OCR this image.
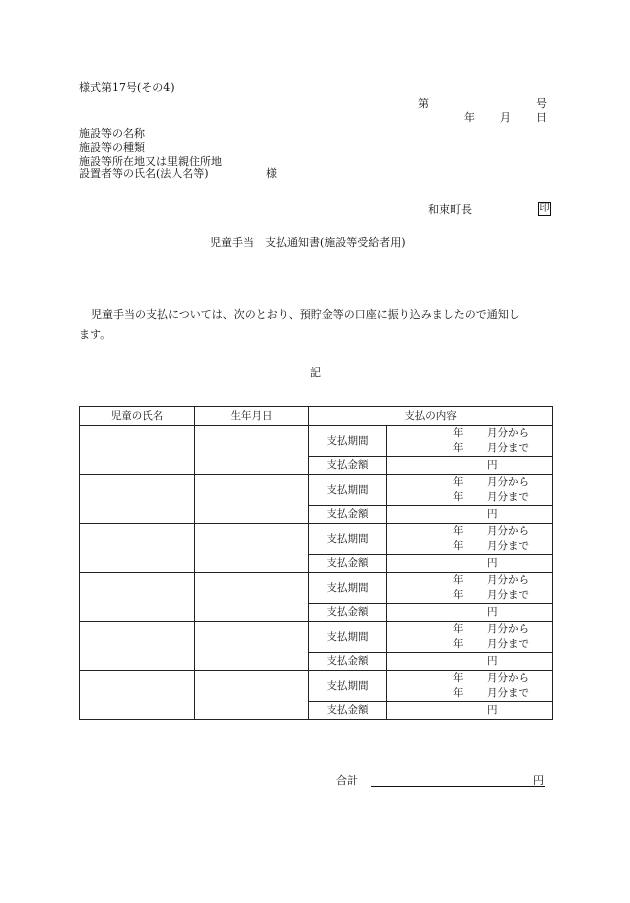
様式第17号(その4)
第	号
年 月 日
施設等の名称
施設等の種類
施設等所在地又は里親住所地
設置者等の氏名(法人名等)	様
和束町長	印
児童手当　支払通知書(施設等受給者用)
児童手当の支払については、次のとおり、預貯金等の口座に振り込みましたので通知し
ます。
記
児童の氏名	生年月日	支払の内容	
		支払期間	年 月分から
年 月分まで

		支払金額	円

		支払期間	年 月分から
年 月分まで

		支払金額	円

		支払期間	年 月分から
年 月分まで

		支払金額	円

		支払期間	年 月分から
年 月分まで

		支払金額	円

		支払期間	年 月分から
年 月分まで

		支払金額	円

		支払期間	年 月分から
年 月分まで

		支払金額	円
合計	円
